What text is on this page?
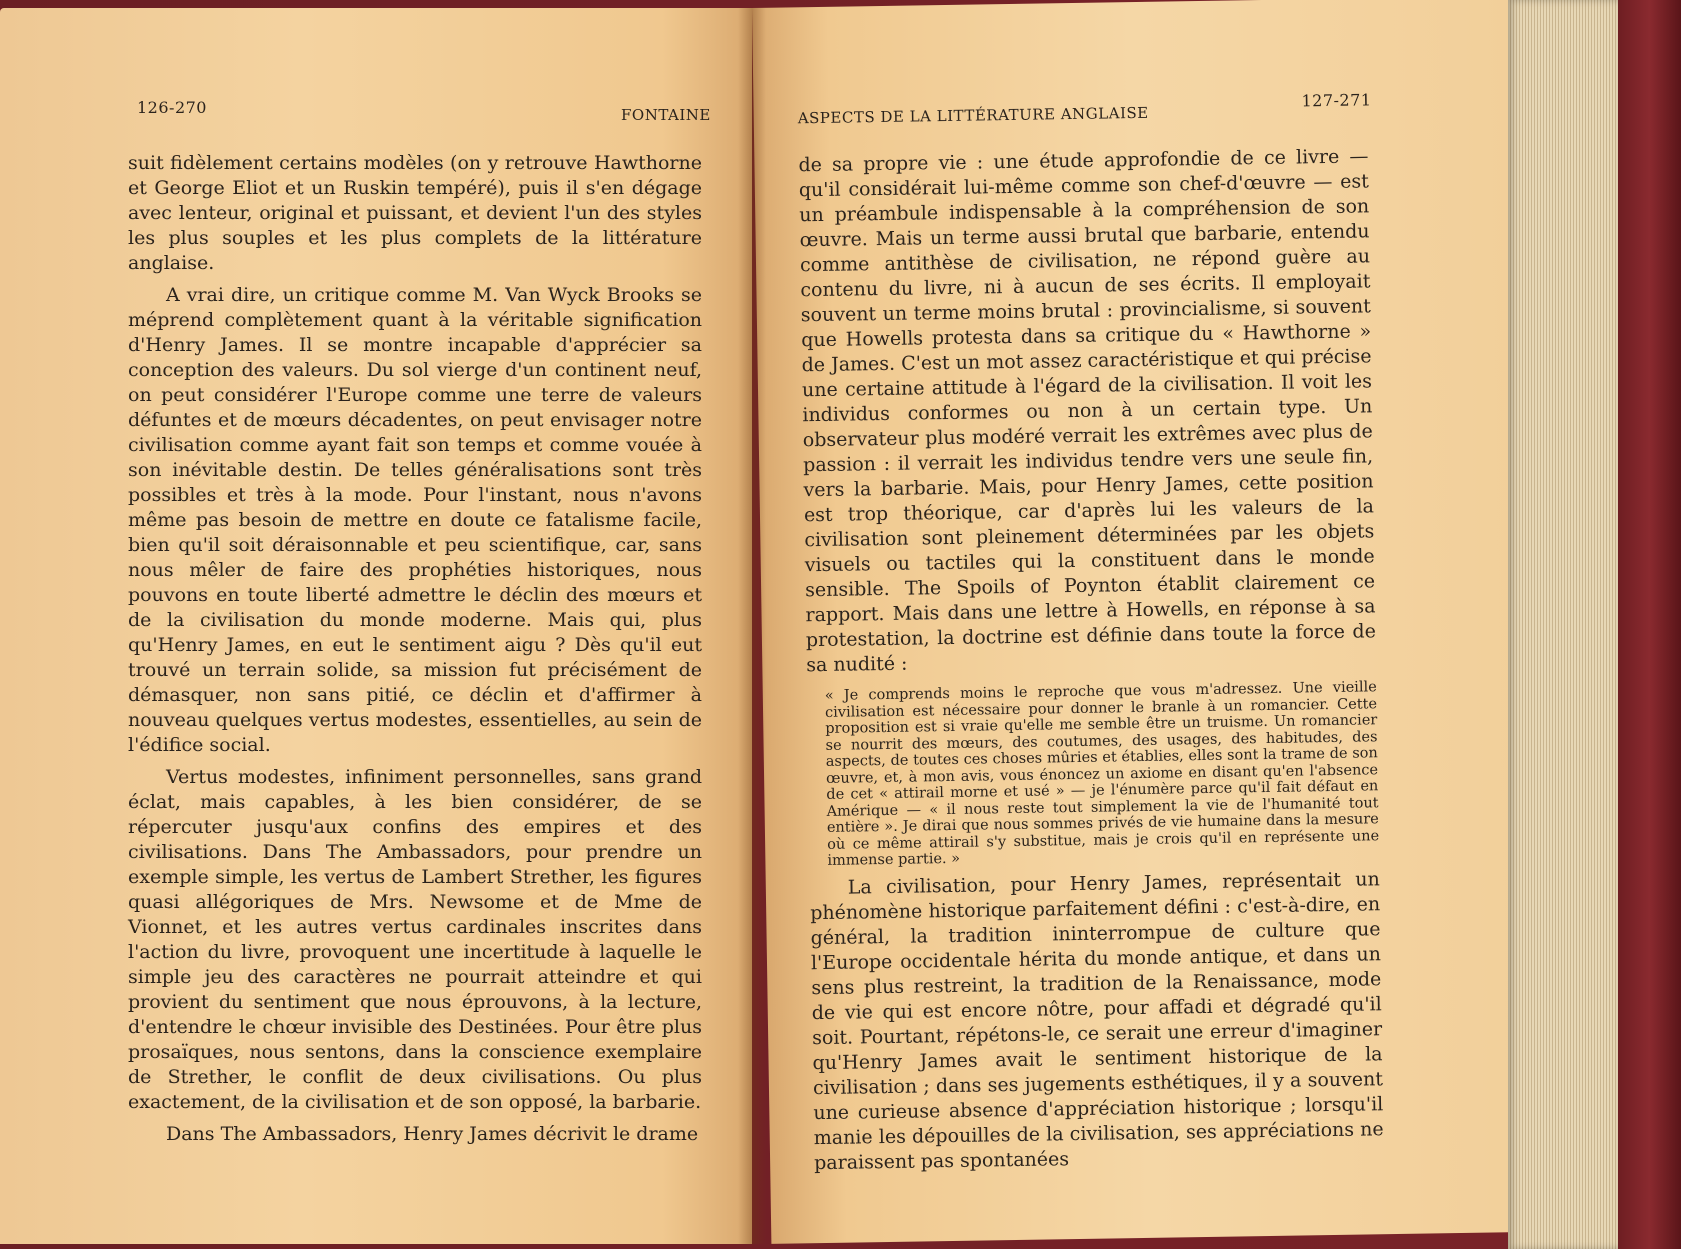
126-270	FONTAINE

suit fidèlement certains modèles (on y retrouve Hawthorne et George Eliot et un Ruskin tempéré), puis il s'en dégage avec lenteur, original et puissant, et devient l'un des styles les plus souples et les plus complets de la littérature anglaise.

A vrai dire, un critique comme M. Van Wyck Brooks se méprend complètement quant à la véritable signification d'Henry James. Il se montre incapable d'apprécier sa conception des valeurs. Du sol vierge d'un continent neuf, on peut considérer l'Europe comme une terre de valeurs défuntes et de mœurs décadentes, on peut envisager notre civilisation comme ayant fait son temps et comme vouée à son inévitable destin. De telles généralisations sont très possibles et très à la mode. Pour l'instant, nous n'avons même pas besoin de mettre en doute ce fatalisme facile, bien qu'il soit déraisonnable et peu scientifique, car, sans nous mêler de faire des prophéties historiques, nous pouvons en toute liberté admettre le déclin des mœurs et de la civilisation du monde moderne. Mais qui, plus qu'Henry James, en eut le sentiment aigu ? Dès qu'il eut trouvé un terrain solide, sa mission fut précisément de démasquer, non sans pitié, ce déclin et d'affirmer à nouveau quelques vertus modestes, essentielles, au sein de l'édifice social.

Vertus modestes, infiniment personnelles, sans grand éclat, mais capables, à les bien considérer, de se répercuter jusqu'aux confins des empires et des civilisations. Dans The Ambassadors, pour prendre un exemple simple, les vertus de Lambert Strether, les figures quasi allégoriques de Mrs. Newsome et de Mme de Vionnet, et les autres vertus cardinales inscrites dans l'action du livre, provoquent une incertitude à laquelle le simple jeu des caractères ne pourrait atteindre et qui provient du sentiment que nous éprouvons, à la lecture, d'entendre le chœur invisible des Destinées. Pour être plus prosaïques, nous sentons, dans la conscience exemplaire de Strether, le conflit de deux civilisations. Ou plus exactement, de la civilisation et de son opposé, la barbarie.

Dans The Ambassadors, Henry James décrivit le drame

ASPECTS DE LA LITTÉRATURE ANGLAISE
127-271

de sa propre vie : une étude approfondie de ce livre — qu'il considérait lui-même comme son chef-d'œuvre — est un préambule indispensable à la compréhension de son œuvre. Mais un terme aussi brutal que barbarie, entendu comme antithèse de civilisation, ne répond guère au contenu du livre, ni à aucun de ses écrits. Il employait souvent un terme moins brutal : provincialisme, si souvent que Howells protesta dans sa critique du « Hawthorne » de James. C'est un mot assez caractéristique et qui précise une certaine attitude à l'égard de la civilisation. Il voit les individus conformes ou non à un certain type. Un observateur plus modéré verrait les extrêmes avec plus de passion : il verrait les individus tendre vers une seule fin, vers la barbarie. Mais, pour Henry James, cette position est trop théorique, car d'après lui les valeurs de la civilisation sont pleinement déterminées par les objets visuels ou tactiles qui la constituent dans le monde sensible. The Spoils of Poynton établit clairement ce rapport. Mais dans une lettre à Howells, en réponse à sa protestation, la doctrine est définie dans toute la force de sa nudité :

« Je comprends moins le reproche que vous m'adressez. Une vieille civilisation est nécessaire pour donner le branle à un romancier. Cette proposition est si vraie qu'elle me semble être un truisme. Un romancier se nourrit des mœurs, des coutumes, des usages, des habitudes, des aspects, de toutes ces choses mûries et établies, elles sont la trame de son œuvre, et, à mon avis, vous énoncez un axiome en disant qu'en l'absence de cet « attirail morne et usé » — je l'énumère parce qu'il fait défaut en Amérique — « il nous reste tout simplement la vie de l'humanité tout entière ». Je dirai que nous sommes privés de vie humaine dans la mesure où ce même attirail s'y substitue, mais je crois qu'il en représente une immense partie. »

La civilisation, pour Henry James, représentait un phénomène historique parfaitement défini : c'est-à-dire, en général, la tradition ininterrompue de culture que l'Europe occidentale hérita du monde antique, et dans un sens plus restreint, la tradition de la Renaissance, mode de vie qui est encore nôtre, pour affadi et dégradé qu'il soit. Pourtant, répétons-le, ce serait une erreur d'imaginer qu'Henry James avait le sentiment historique de la civilisation ; dans ses jugements esthétiques, il y a souvent une curieuse absence d'appréciation historique ; lorsqu'il manie les dépouilles de la civilisation, ses appréciations ne paraissent pas spontanées
